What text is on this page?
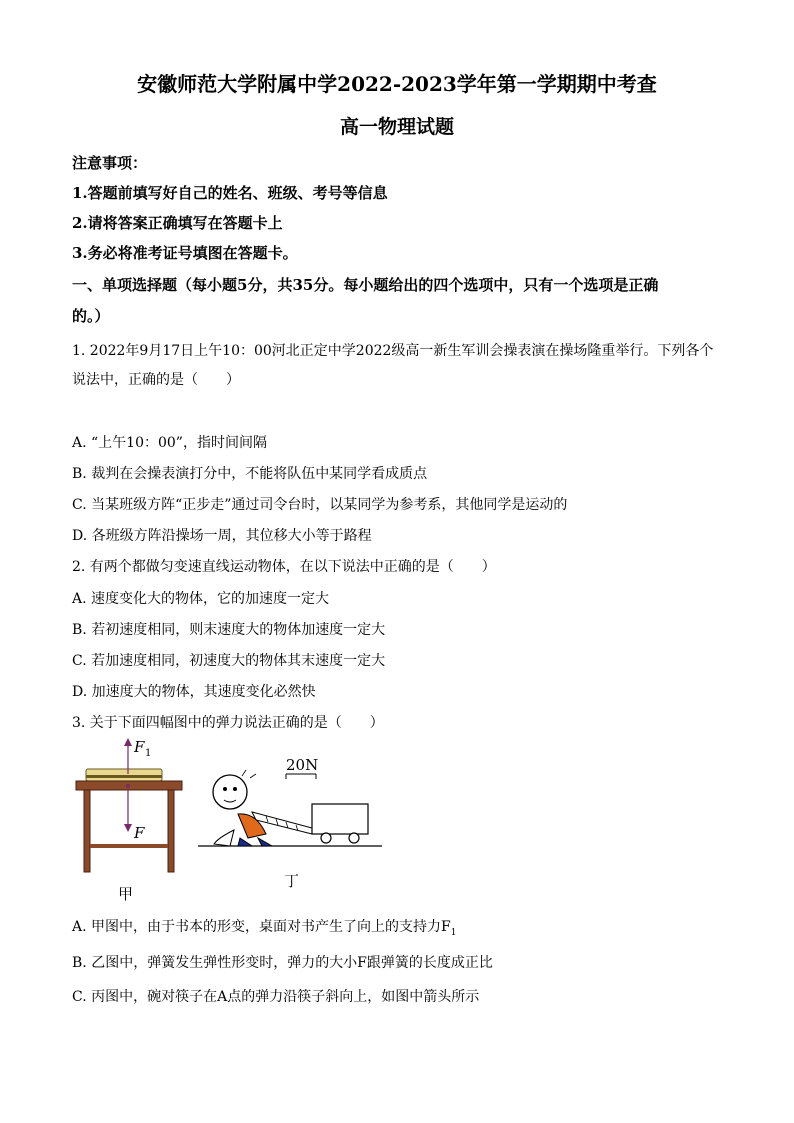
安徽师范大学附属中学2022-2023学年第一学期期中考查
高一物理试题
注意事项：
1.答题前填写好自己的姓名、班级、考号等信息
2.请将答案正确填写在答题卡上
3.务必将准考证号填图在答题卡。
一、单项选择题（每小题5分，共35分。每小题给出的四个选项中，只有一个选项是正确
的。）
1. 2022年9月17日上午10：00河北正定中学2022级高一新生军训会操表演在操场隆重举行。下列各个
说法中，正确的是（　　）
A. “上午10：00”，指时间间隔
B. 裁判在会操表演打分中，不能将队伍中某同学看成质点
C. 当某班级方阵“正步走”通过司令台时，以某同学为参考系，其他同学是运动的
D. 各班级方阵沿操场一周，其位移大小等于路程
2. 有两个都做匀变速直线运动物体，在以下说法中正确的是（　　）
A. 速度变化大的物体，它的加速度一定大
B. 若初速度相同，则末速度大的物体加速度一定大
C. 若加速度相同，初速度大的物体其末速度一定大
D. 加速度大的物体，其速度变化必然快
3. 关于下面四幅图中的弹力说法正确的是（　　）
F 1
F
甲
20N
丁
A. 甲图中，由于书本的形变，桌面对书产生了向上的支持力$F_1$
B. 乙图中，弹簧发生弹性形变时，弹力的大小F跟弹簧的长度成正比
C. 丙图中，碗对筷子在A点的弹力沿筷子斜向上，如图中箭头所示
